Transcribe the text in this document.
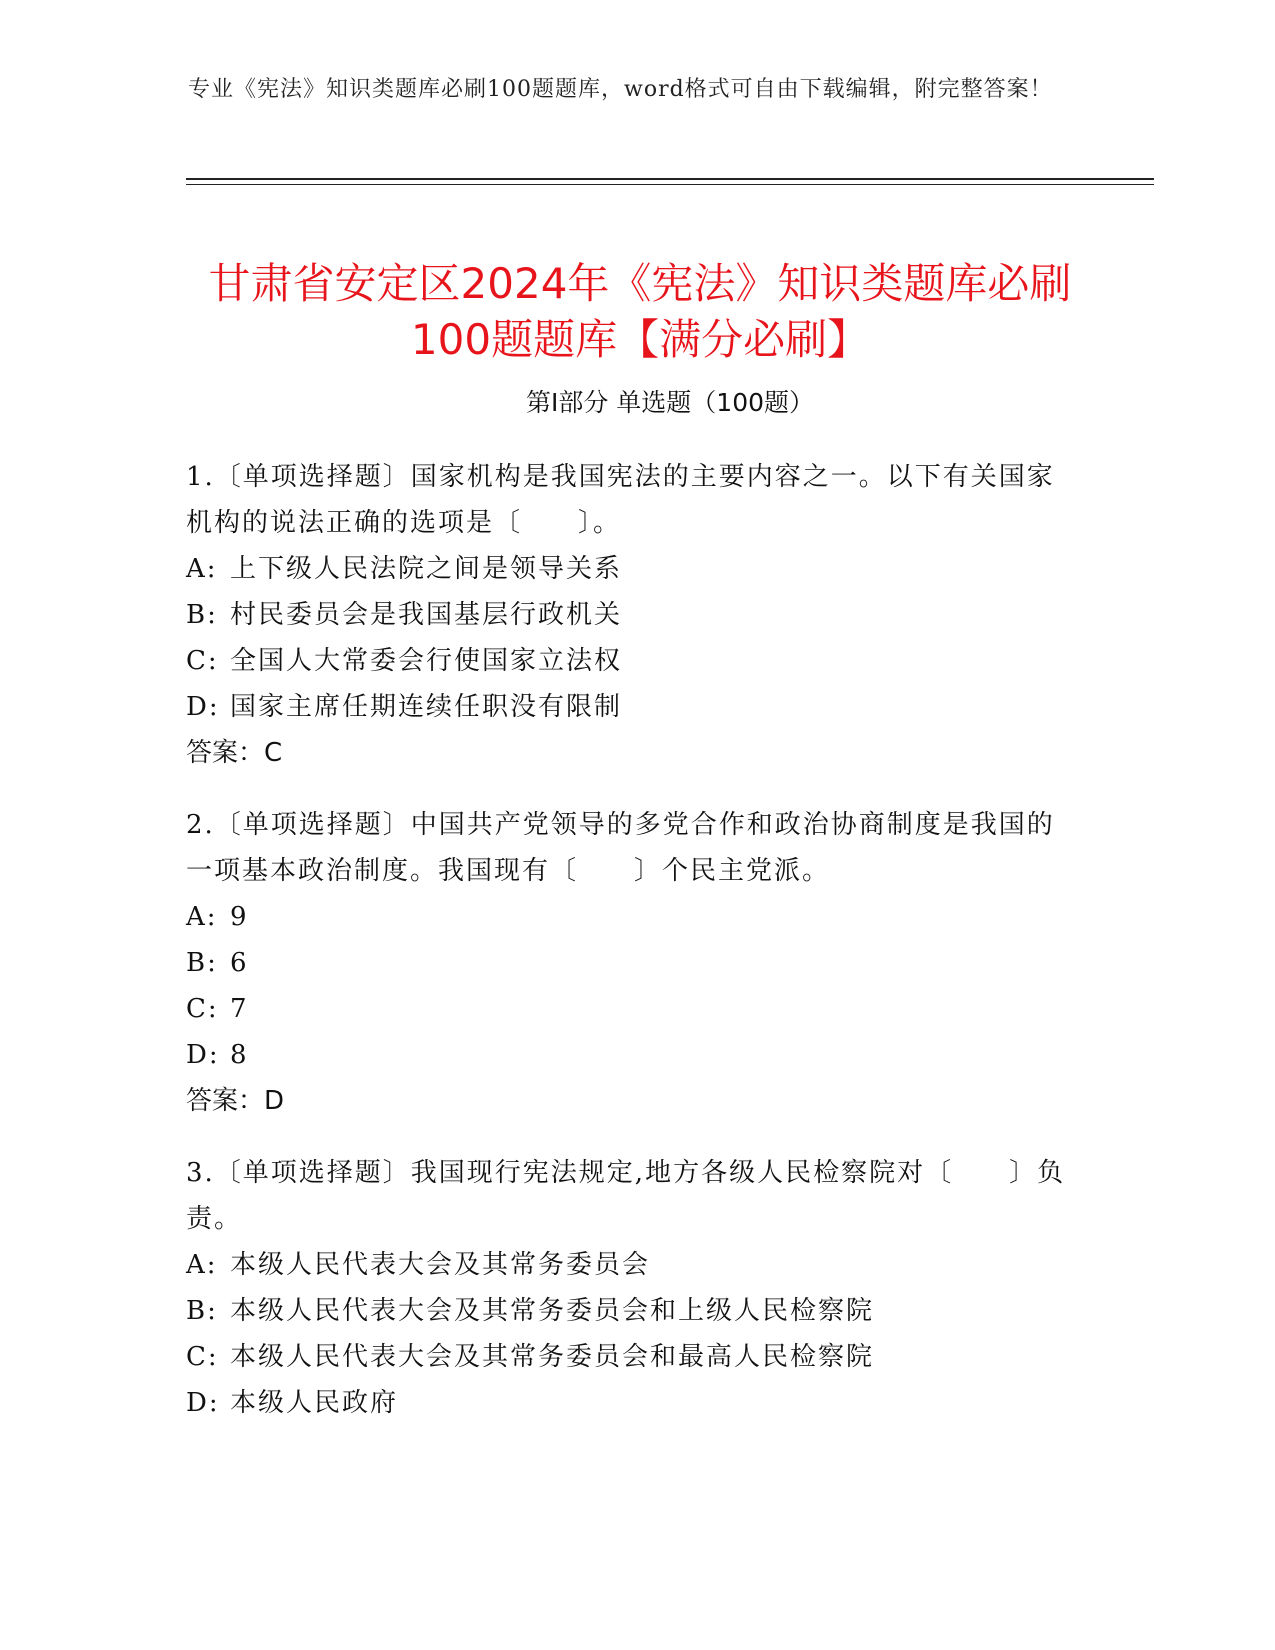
专业《宪法》知识类题库必刷100题题库，word格式可自由下载编辑，附完整答案！
甘肃省安定区2024年《宪法》知识类题库必刷100题题库【满分必刷】
第I部分 单选题（100题）

1.〔单项选择题〕国家机构是我国宪法的主要内容之一。以下有关国家机构的说法正确的选项是〔　　〕。

A: 上下级人民法院之间是领导关系

B: 村民委员会是我国基层行政机关

C: 全国人大常委会行使国家立法权

D: 国家主席任期连续任职没有限制

答案：C

2.〔单项选择题〕中国共产党领导的多党合作和政治协商制度是我国的一项基本政治制度。我国现有〔　　〕个民主党派。

A: 9

B: 6

C: 7

D: 8

答案：D

3.〔单项选择题〕我国现行宪法规定,地方各级人民检察院对〔　　〕负责。

A: 本级人民代表大会及其常务委员会

B: 本级人民代表大会及其常务委员会和上级人民检察院

C: 本级人民代表大会及其常务委员会和最高人民检察院

D: 本级人民政府
